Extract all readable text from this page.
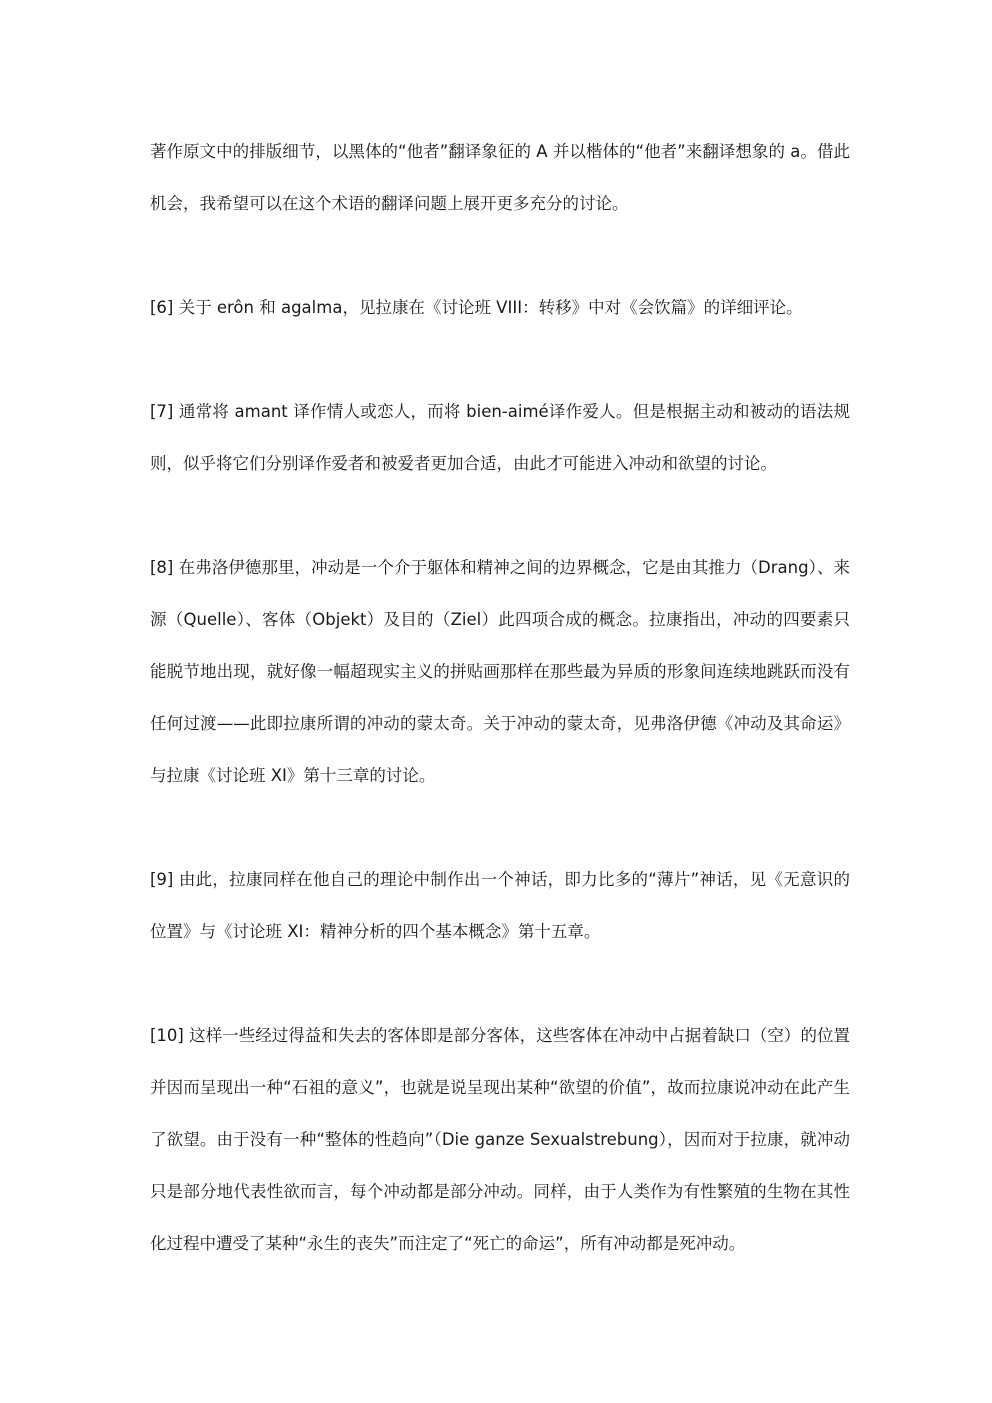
著作原文中的排版细节，以黑体的“他者”翻译象征的 A 并以楷体的“他者”来翻译想象的 a。借此机会，我希望可以在这个术语的翻译问题上展开更多充分的讨论。

[6] 关于 erôn 和 agalma，见拉康在《讨论班 VIII：转移》中对《会饮篇》的详细评论。

[7] 通常将 amant 译作情人或恋人，而将 bien-aimé译作爱人。但是根据主动和被动的语法规则，似乎将它们分别译作爱者和被爱者更加合适，由此才可能进入冲动和欲望的讨论。

[8] 在弗洛伊德那里，冲动是一个介于躯体和精神之间的边界概念，它是由其推力（Drang）、来源（Quelle）、客体（Objekt）及目的（Ziel）此四项合成的概念。拉康指出，冲动的四要素只能脱节地出现，就好像一幅超现实主义的拼贴画那样在那些最为异质的形象间连续地跳跃而没有任何过渡——此即拉康所谓的冲动的蒙太奇。关于冲动的蒙太奇，见弗洛伊德《冲动及其命运》与拉康《讨论班 XI》第十三章的讨论。

[9] 由此，拉康同样在他自己的理论中制作出一个神话，即力比多的“薄片”神话，见《无意识的位置》与《讨论班 XI：精神分析的四个基本概念》第十五章。

[10] 这样一些经过得益和失去的客体即是部分客体，这些客体在冲动中占据着缺口（空）的位置并因而呈现出一种“石祖的意义”，也就是说呈现出某种“欲望的价值”，故而拉康说冲动在此产生了欲望。由于没有一种“整体的性趋向”（Die ganze Sexualstrebung），因而对于拉康，就冲动只是部分地代表性欲而言，每个冲动都是部分冲动。同样，由于人类作为有性繁殖的生物在其性化过程中遭受了某种“永生的丧失”而注定了“死亡的命运”，所有冲动都是死冲动。
